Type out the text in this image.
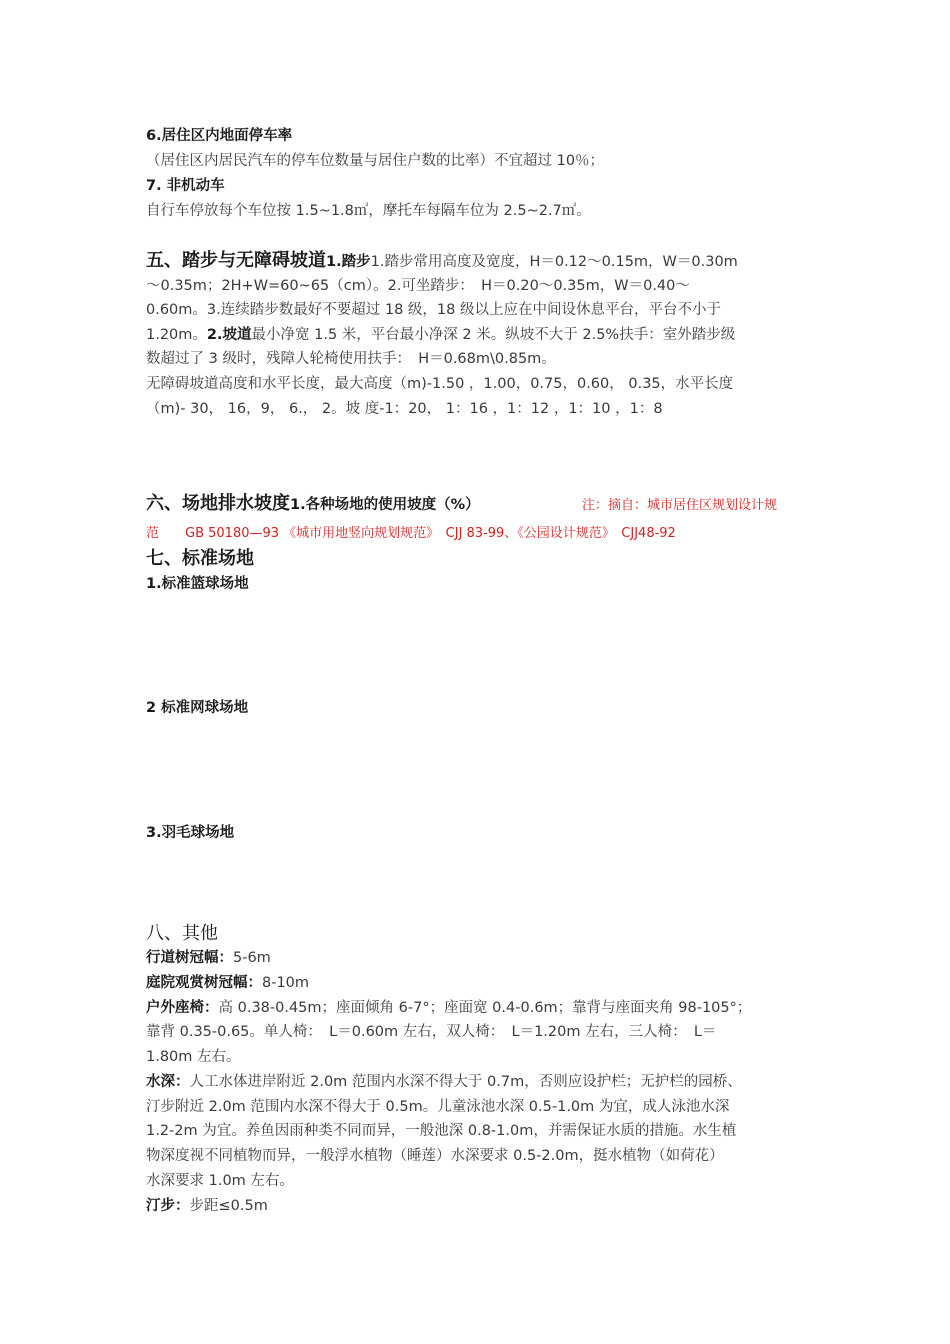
6.居住区内地面停车率
（居住区内居民汽车的停车位数量与居住户数的比率）不宜超过 10％；
7. 非机动车
自行车停放每个车位按 1.5~1.8㎡，摩托车每隔车位为 2.5~2.7㎡。
五、踏步与无障碍坡道1.踏步1.踏步常用高度及宽度，H＝0.12～0.15m，W＝0.30m
～0.35m；2H+W=60~65（cm）。2.可坐踏步：　H＝0.20～0.35m，W＝0.40～
0.60m。3.连续踏步数最好不要超过 18 级，18 级以上应在中间设休息平台，平台不小于
1.20m。2.坡道最小净宽 1.5 米，平台最小净深 2 米。纵坡不大于 2.5%扶手：室外踏步级
数超过了 3 级时，残障人轮椅使用扶手：　H＝0.68m\0.85m。
无障碍坡道高度和水平长度，最大高度（m)-1.50 ，1.00，0.75，0.60， 0.35，水平长度
（m)- 30， 16，9， 6.， 2。坡 度-1：20， 1：16 ，1：12 ，1：10 ，1：8
六、场地排水坡度1.各种场地的使用坡度（%）	注：摘自：城市居住区规划设计规
范　　GB 50180—93 《城市用地竖向规划规范》　CJJ 83-99、《公园设计规范》　CJJ48-92
七、标准场地
1.标准篮球场地
2 标准网球场地
3.羽毛球场地
八、其他
行道树冠幅：5-6m
庭院观赏树冠幅：8-10m
户外座椅：高 0.38-0.45m；座面倾角 6-7°；座面宽 0.4-0.6m；靠背与座面夹角 98-105°；
靠背 0.35-0.65。单人椅：　L＝0.60m 左右，双人椅：　L＝1.20m 左右，三人椅：　L＝
1.80m 左右。
水深：人工水体进岸附近 2.0m 范围内水深不得大于 0.7m，否则应设护栏；无护栏的园桥、
汀步附近 2.0m 范围内水深不得大于 0.5m。儿童泳池水深 0.5-1.0m 为宜，成人泳池水深
1.2-2m 为宜。养鱼因雨种类不同而异，一般池深 0.8-1.0m，并需保证水质的措施。水生植
物深度视不同植物而异，一般浮水植物（睡莲）水深要求 0.5-2.0m，挺水植物（如荷花）
水深要求 1.0m 左右。
汀步：步距≤0.5m
